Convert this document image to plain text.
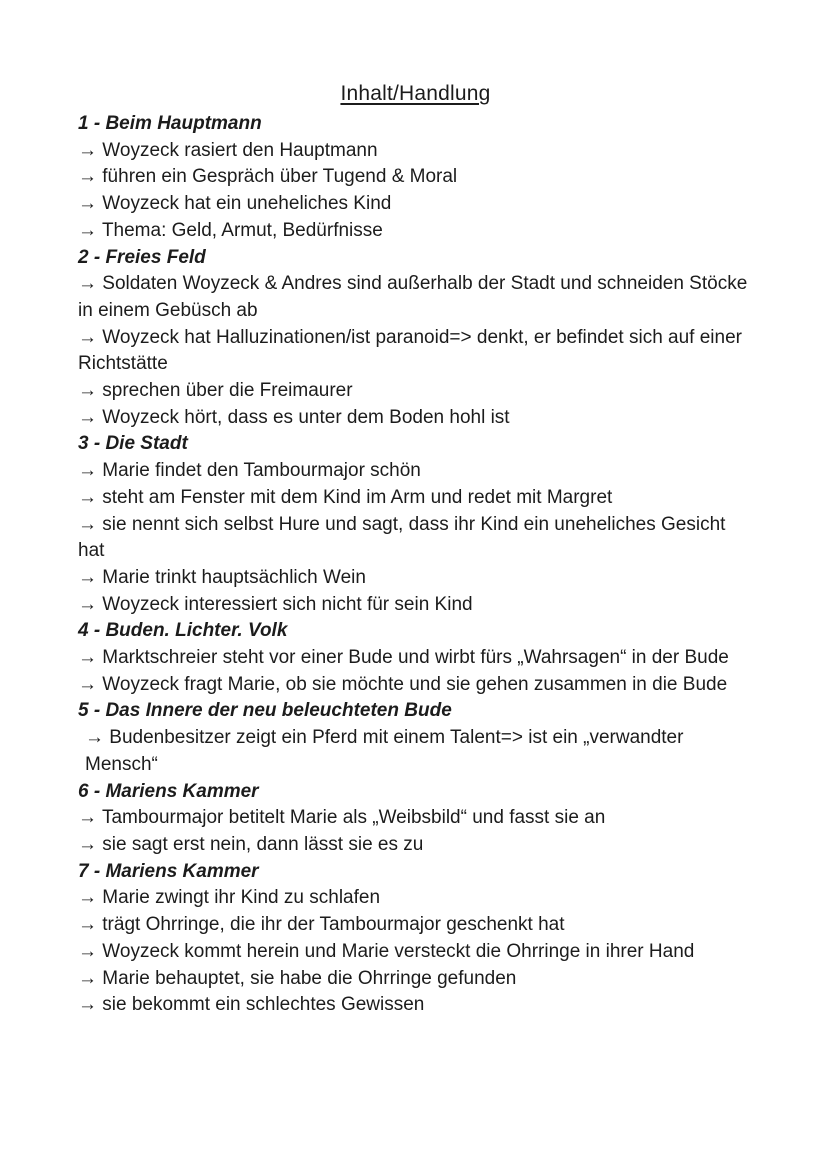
Inhalt/Handlung
1 - Beim Hauptmann
→ Woyzeck rasiert den Hauptmann
→ führen ein Gespräch über Tugend & Moral
→ Woyzeck hat ein uneheliches Kind
→ Thema: Geld, Armut, Bedürfnisse
2 - Freies Feld
→ Soldaten Woyzeck & Andres sind außerhalb der Stadt und schneiden Stöcke in einem Gebüsch ab
→ Woyzeck hat Halluzinationen/ist paranoid=> denkt, er befindet sich auf einer Richtstätte
→ sprechen über die Freimaurer
→ Woyzeck hört, dass es unter dem Boden hohl ist
3 - Die Stadt
→ Marie findet den Tambourmajor schön
→ steht am Fenster mit dem Kind im Arm und redet mit Margret
→ sie nennt sich selbst Hure und sagt, dass ihr Kind ein uneheliches Gesicht hat
→ Marie trinkt hauptsächlich Wein
→ Woyzeck interessiert sich nicht für sein Kind
4 - Buden. Lichter. Volk
→ Marktschreier steht vor einer Bude und wirbt fürs „Wahrsagen“ in der Bude
→ Woyzeck fragt Marie, ob sie möchte und sie gehen zusammen in die Bude
5 - Das Innere der neu beleuchteten Bude
→ Budenbesitzer zeigt ein Pferd mit einem Talent=> ist ein „verwandter Mensch“
6 - Mariens Kammer
→ Tambourmajor betitelt Marie als „Weibsbild“ und fasst sie an
→ sie sagt erst nein, dann lässt sie es zu
7 - Mariens Kammer
→ Marie zwingt ihr Kind zu schlafen
→ trägt Ohrringe, die ihr der Tambourmajor geschenkt hat
→ Woyzeck kommt herein und Marie versteckt die Ohrringe in ihrer Hand
→ Marie behauptet, sie habe die Ohrringe gefunden
→ sie bekommt ein schlechtes Gewissen
